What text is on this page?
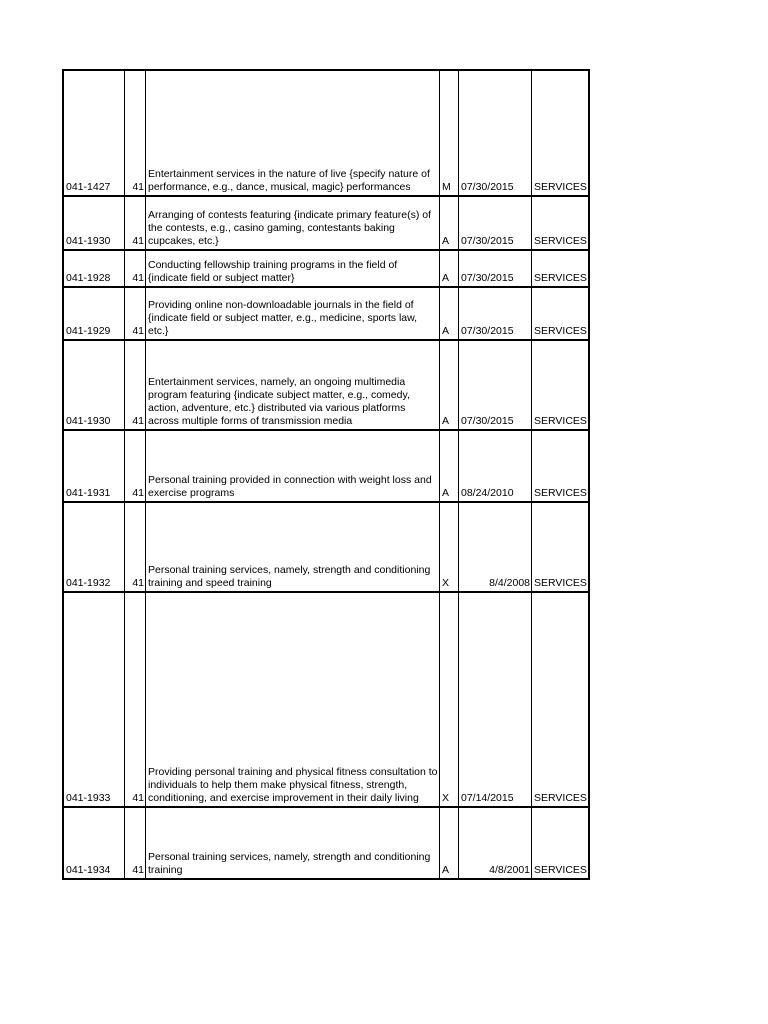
041-1427	41	Entertainment services in the nature of live {specify nature of performance, e.g., dance, musical, magic} performances	M	07/30/2015	SERVICES
041-1930	41	Arranging of contests featuring {indicate primary feature(s) of the contests, e.g., casino gaming, contestants baking cupcakes, etc.}	A	07/30/2015	SERVICES
041-1928	41	Conducting fellowship training programs in the field of {indicate field or subject matter}	A	07/30/2015	SERVICES
041-1929	41	Providing online non-downloadable journals in the field of {indicate field or subject matter, e.g., medicine, sports law, etc.}	A	07/30/2015	SERVICES
041-1930	41	Entertainment services, namely, an ongoing multimedia program featuring {indicate subject matter, e.g., comedy, action, adventure, etc.} distributed via various platforms across multiple forms of transmission media	A	07/30/2015	SERVICES
041-1931	41	Personal training provided in connection with weight loss and exercise programs	A	08/24/2010	SERVICES
041-1932	41	Personal training services, namely, strength and conditioning training and speed training	X	8/4/2008	SERVICES
041-1933	41	Providing personal training and physical fitness consultation to individuals to help them make physical fitness, strength, conditioning, and exercise improvement in their daily living	X	07/14/2015	SERVICES
041-1934	41	Personal training services, namely, strength and conditioning training	A	4/8/2001	SERVICES
